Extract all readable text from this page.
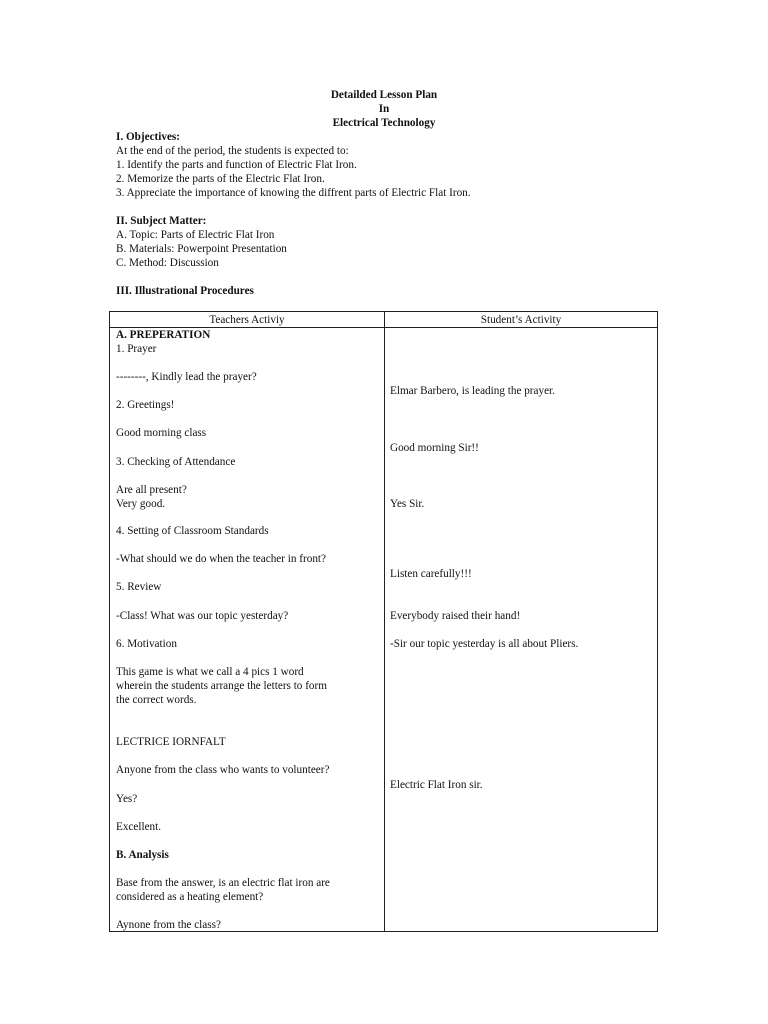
Detailded Lesson Plan
In
Electrical Technology
I. Objectives:
At the end of the period, the students is expected to:
1. Identify the parts and function of Electric Flat Iron.
2. Memorize the parts of the Electric Flat Iron.
3. Appreciate the importance of knowing the diffrent parts of Electric Flat Iron.
II. Subject Matter:
A. Topic: Parts of Electric Flat Iron
B. Materials: Powerpoint Presentation
C. Method: Discussion
III. Illustrational Procedures
Teachers Activiy	Student’s Activity
A. PREPERATION
1. Prayer
--------, Kindly lead the prayer?
2. Greetings!
Good morning class
3. Checking of Attendance
Are all present?
Very good.
4. Setting of Classroom Standards
-What should we do when the teacher in front?
5. Review
-Class! What was our topic yesterday?
6. Motivation
This game is what we call a 4 pics 1 word
wherein the students arrange the letters to form
the correct words.
LECTRICE IORNFALT
Anyone from the class who wants to volunteer?
Yes?
Excellent.
B. Analysis
Base from the answer, is an electric flat iron are
considered as a heating element?
Aynone from the class?
Elmar Barbero, is leading the prayer.
Good morning Sir!!
Yes Sir.
Listen carefully!!!
Everybody raised their hand!
-Sir our topic yesterday is all about Pliers.
Electric Flat Iron sir.
